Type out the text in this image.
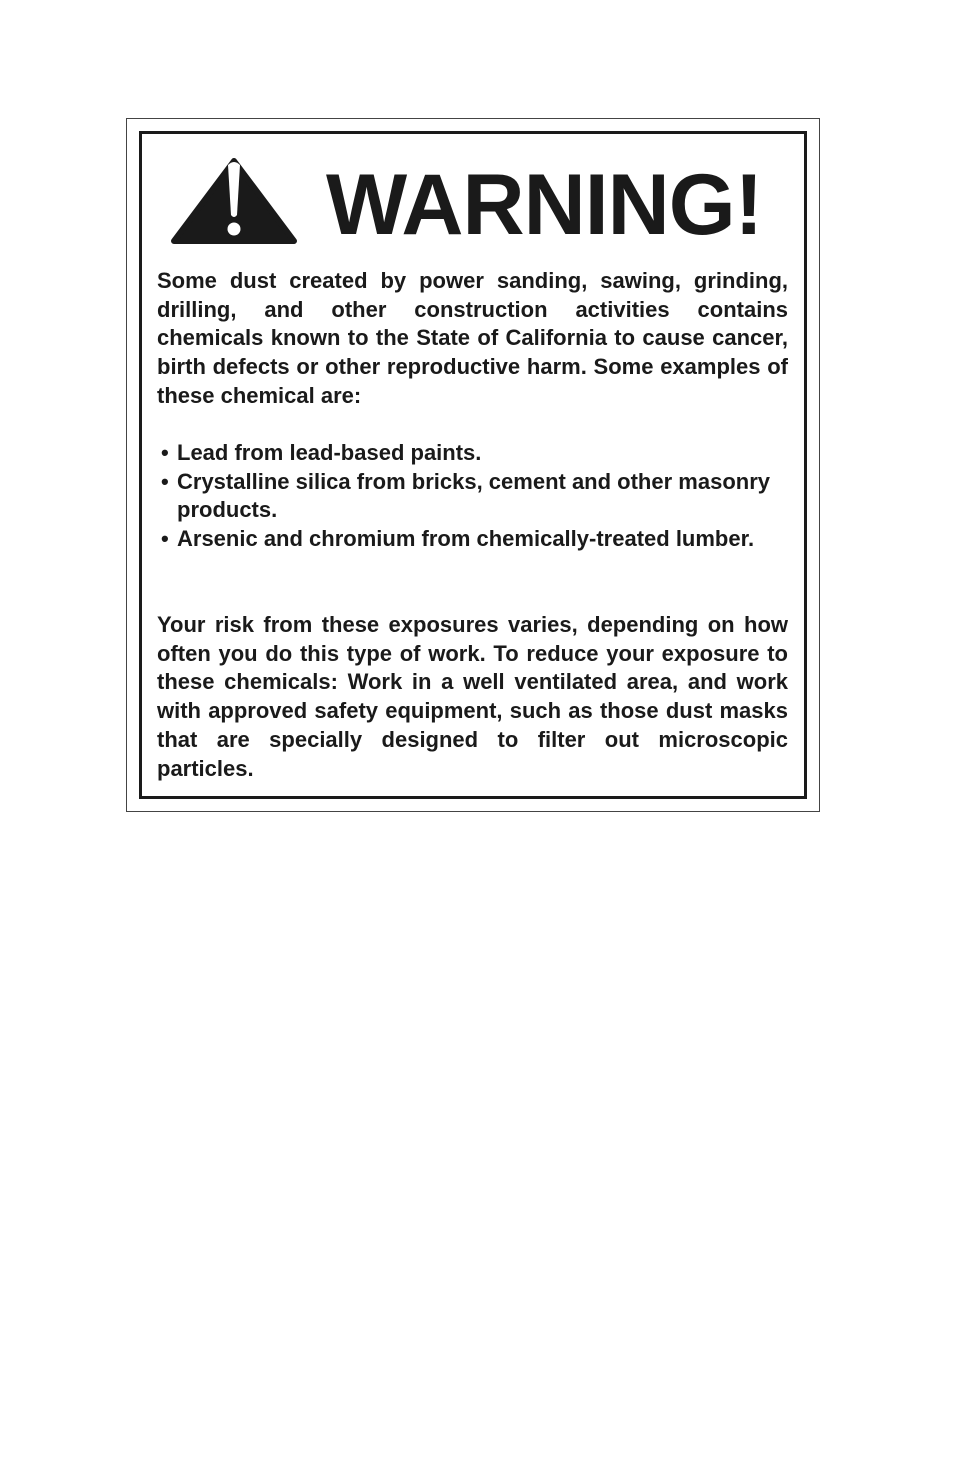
WARNING!

Some dust created by power sanding, sawing, grinding, drilling, and other construction activities contains chemicals known to the State of California to cause cancer, birth defects or other reproductive harm. Some examples of these chemical are:

• Lead from lead-based paints.
• Crystalline silica from bricks, cement and other masonry products.
• Arsenic and chromium from chemically-treated lumber.

Your risk from these exposures varies, depending on how often you do this type of work. To reduce your exposure to these chemicals: Work in a well ventilated area, and work with approved safety equipment, such as those dust masks that are specially designed to filter out microscopic particles.
